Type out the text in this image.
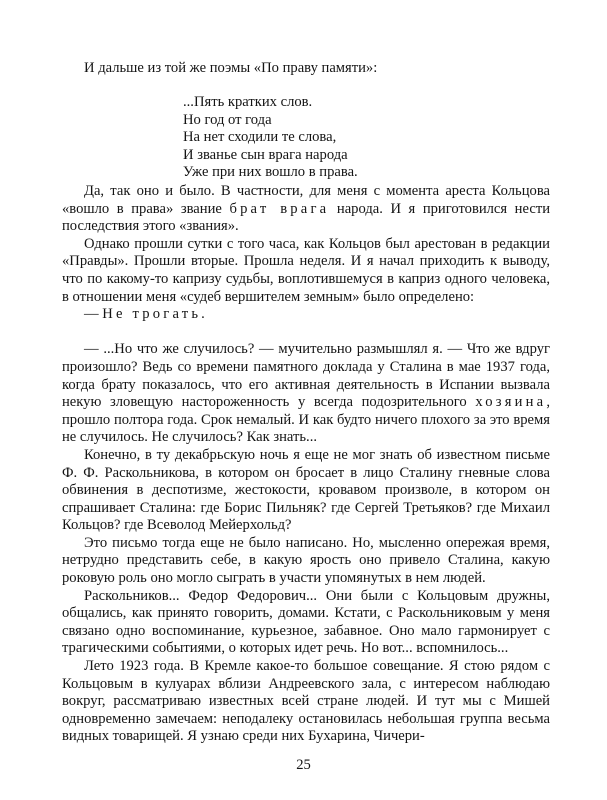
И дальше из той же поэмы «По праву памяти»:
...Пять кратких слов.
Но год от года
На нет сходили те слова,
И званье сын врага народа
Уже при них вошло в права.

Да, так оно и было. В частности, для меня с момента ареста Кольцова «вошло в права» звание брат врага народа. И я приготовился нести последствия этого «звания».

Однако прошли сутки с того часа, как Кольцов был арестован в редакции «Правды». Прошли вторые. Прошла неделя. И я начал приходить к выводу, что по какому-то капризу судьбы, воплотившемуся в каприз одного человека, в отношении меня «судеб вершителем земным» было определено:

— Не трогать.

— ...Но что же случилось? — мучительно размышлял я. — Что же вдруг произошло? Ведь со времени памятного доклада у Сталина в мае 1937 года, когда брату показалось, что его активная деятельность в Испании вызвала некую зловещую настороженность у всегда подозрительного хозяина, прошло полтора года. Срок немалый. И как будто ничего плохого за это время не случилось. Не случилось? Как знать...

Конечно, в ту декабрьскую ночь я еще не мог знать об известном письме Ф. Ф. Раскольникова, в котором он бросает в лицо Сталину гневные слова обвинения в деспотизме, жестокости, кровавом произволе, в котором он спрашивает Сталина: где Борис Пильняк? где Сергей Третьяков? где Михаил Кольцов? где Всеволод Мейерхольд?

Это письмо тогда еще не было написано. Но, мысленно опережая время, нетрудно представить себе, в какую ярость оно привело Сталина, какую роковую роль оно могло сыграть в участи упомянутых в нем людей.

Раскольников... Федор Федорович... Они были с Кольцовым дружны, общались, как принято говорить, домами. Кстати, с Раскольниковым у меня связано одно воспоминание, курьезное, забавное. Оно мало гармонирует с трагическими событиями, о которых идет речь. Но вот... вспомнилось...

Лето 1923 года. В Кремле какое-то большое совещание. Я стою рядом с Кольцовым в кулуарах вблизи Андреевского зала, с интересом наблюдаю вокруг, рассматриваю известных всей стране людей. И тут мы с Мишей одновременно замечаем: неподалеку остановилась небольшая группа весьма видных товарищей. Я узнаю среди них Бухарина, Чичери-

25
